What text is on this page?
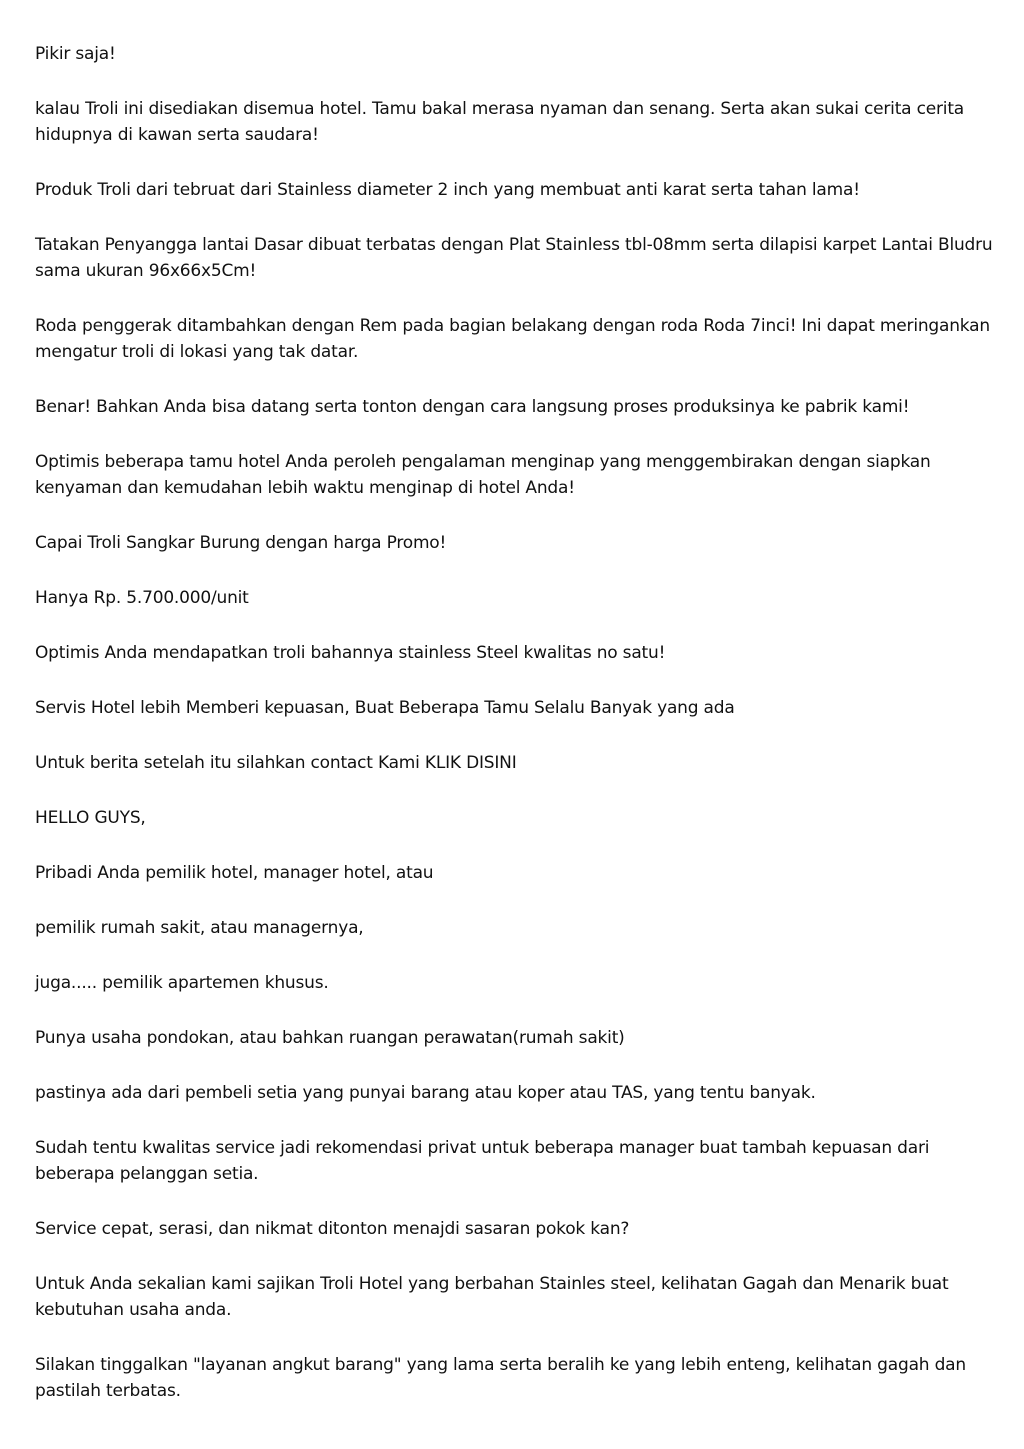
Pikir saja!

kalau Troli ini disediakan disemua hotel. Tamu bakal merasa nyaman dan senang. Serta akan sukai cerita cerita hidupnya di kawan serta saudara!

Produk Troli dari tebruat dari Stainless diameter 2 inch yang membuat anti karat serta tahan lama!

Tatakan Penyangga lantai Dasar dibuat terbatas dengan Plat Stainless tbl-08mm serta dilapisi karpet Lantai Bludru sama ukuran 96x66x5Cm!

Roda penggerak ditambahkan dengan Rem pada bagian belakang dengan roda Roda 7inci! Ini dapat meringankan mengatur troli di lokasi yang tak datar.

Benar! Bahkan Anda bisa datang serta tonton dengan cara langsung proses produksinya ke pabrik kami!

Optimis beberapa tamu hotel Anda peroleh pengalaman menginap yang menggembirakan dengan siapkan kenyaman dan kemudahan lebih waktu menginap di hotel Anda!

Capai Troli Sangkar Burung dengan harga Promo!

Hanya Rp. 5.700.000/unit

Optimis Anda mendapatkan troli bahannya stainless Steel kwalitas no satu!

Servis Hotel lebih Memberi kepuasan, Buat Beberapa Tamu Selalu Banyak yang ada

Untuk berita setelah itu silahkan contact Kami KLIK DISINI

HELLO GUYS,

Pribadi Anda pemilik hotel, manager hotel, atau

pemilik rumah sakit, atau managernya,

juga..... pemilik apartemen khusus.

Punya usaha pondokan, atau bahkan ruangan perawatan(rumah sakit)

pastinya ada dari pembeli setia yang punyai barang atau koper atau TAS, yang tentu banyak.

Sudah tentu kwalitas service jadi rekomendasi privat untuk beberapa manager buat tambah kepuasan dari beberapa pelanggan setia.

Service cepat, serasi, dan nikmat ditonton menajdi sasaran pokok kan?

Untuk Anda sekalian kami sajikan Troli Hotel yang berbahan Stainles steel, kelihatan Gagah dan Menarik buat kebutuhan usaha anda.

Silakan tinggalkan "layanan angkut barang" yang lama serta beralih ke yang lebih enteng, kelihatan gagah dan pastilah terbatas.
